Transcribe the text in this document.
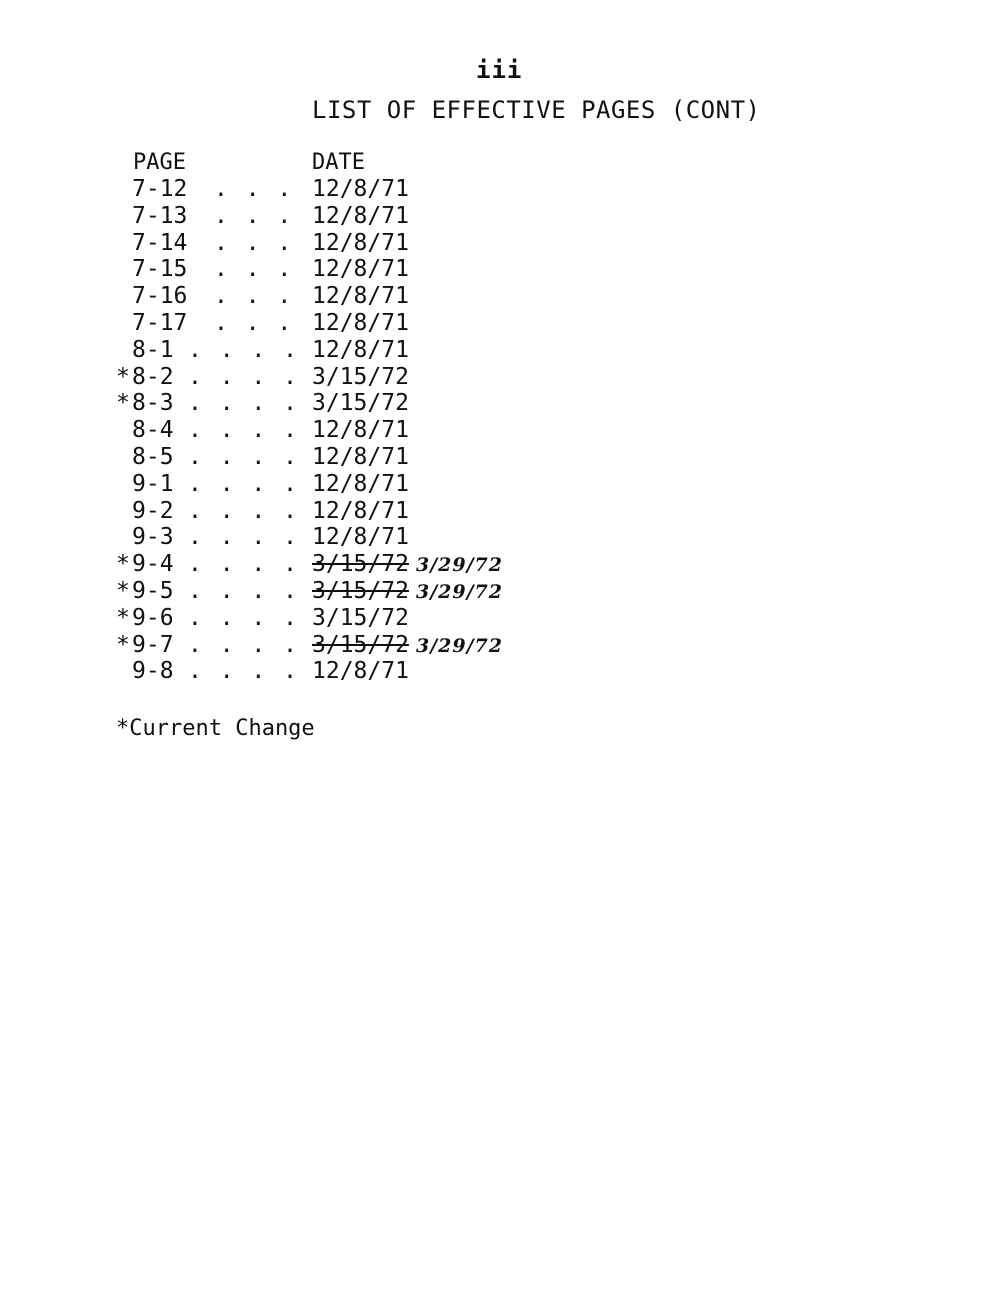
iii
LIST OF EFFECTIVE PAGES (CONT)
PAGE	DATE
7-12 . . . 12/8/71
7-13 . . . 12/8/71
7-14 . . . 12/8/71
7-15 . . . 12/8/71
7-16 . . . 12/8/71
7-17 . . . 12/8/71
8-1 . . . . 12/8/71
* 8-2 . . . . 3/15/72
* 8-3 . . . . 3/15/72
8-4 . . . . 12/8/71
8-5 . . . . 12/8/71
9-1 . . . . 12/8/71
9-2 . . . . 12/8/71
9-3 . . . . 12/8/71
* 9-4 . . . . 3/15/72 3/29/72
* 9-5 . . . . 3/15/72 3/29/72
* 9-6 . . . . 3/15/72
* 9-7 . . . . 3/15/72 3/29/72
9-8 . . . . 12/8/71
*Current Change
